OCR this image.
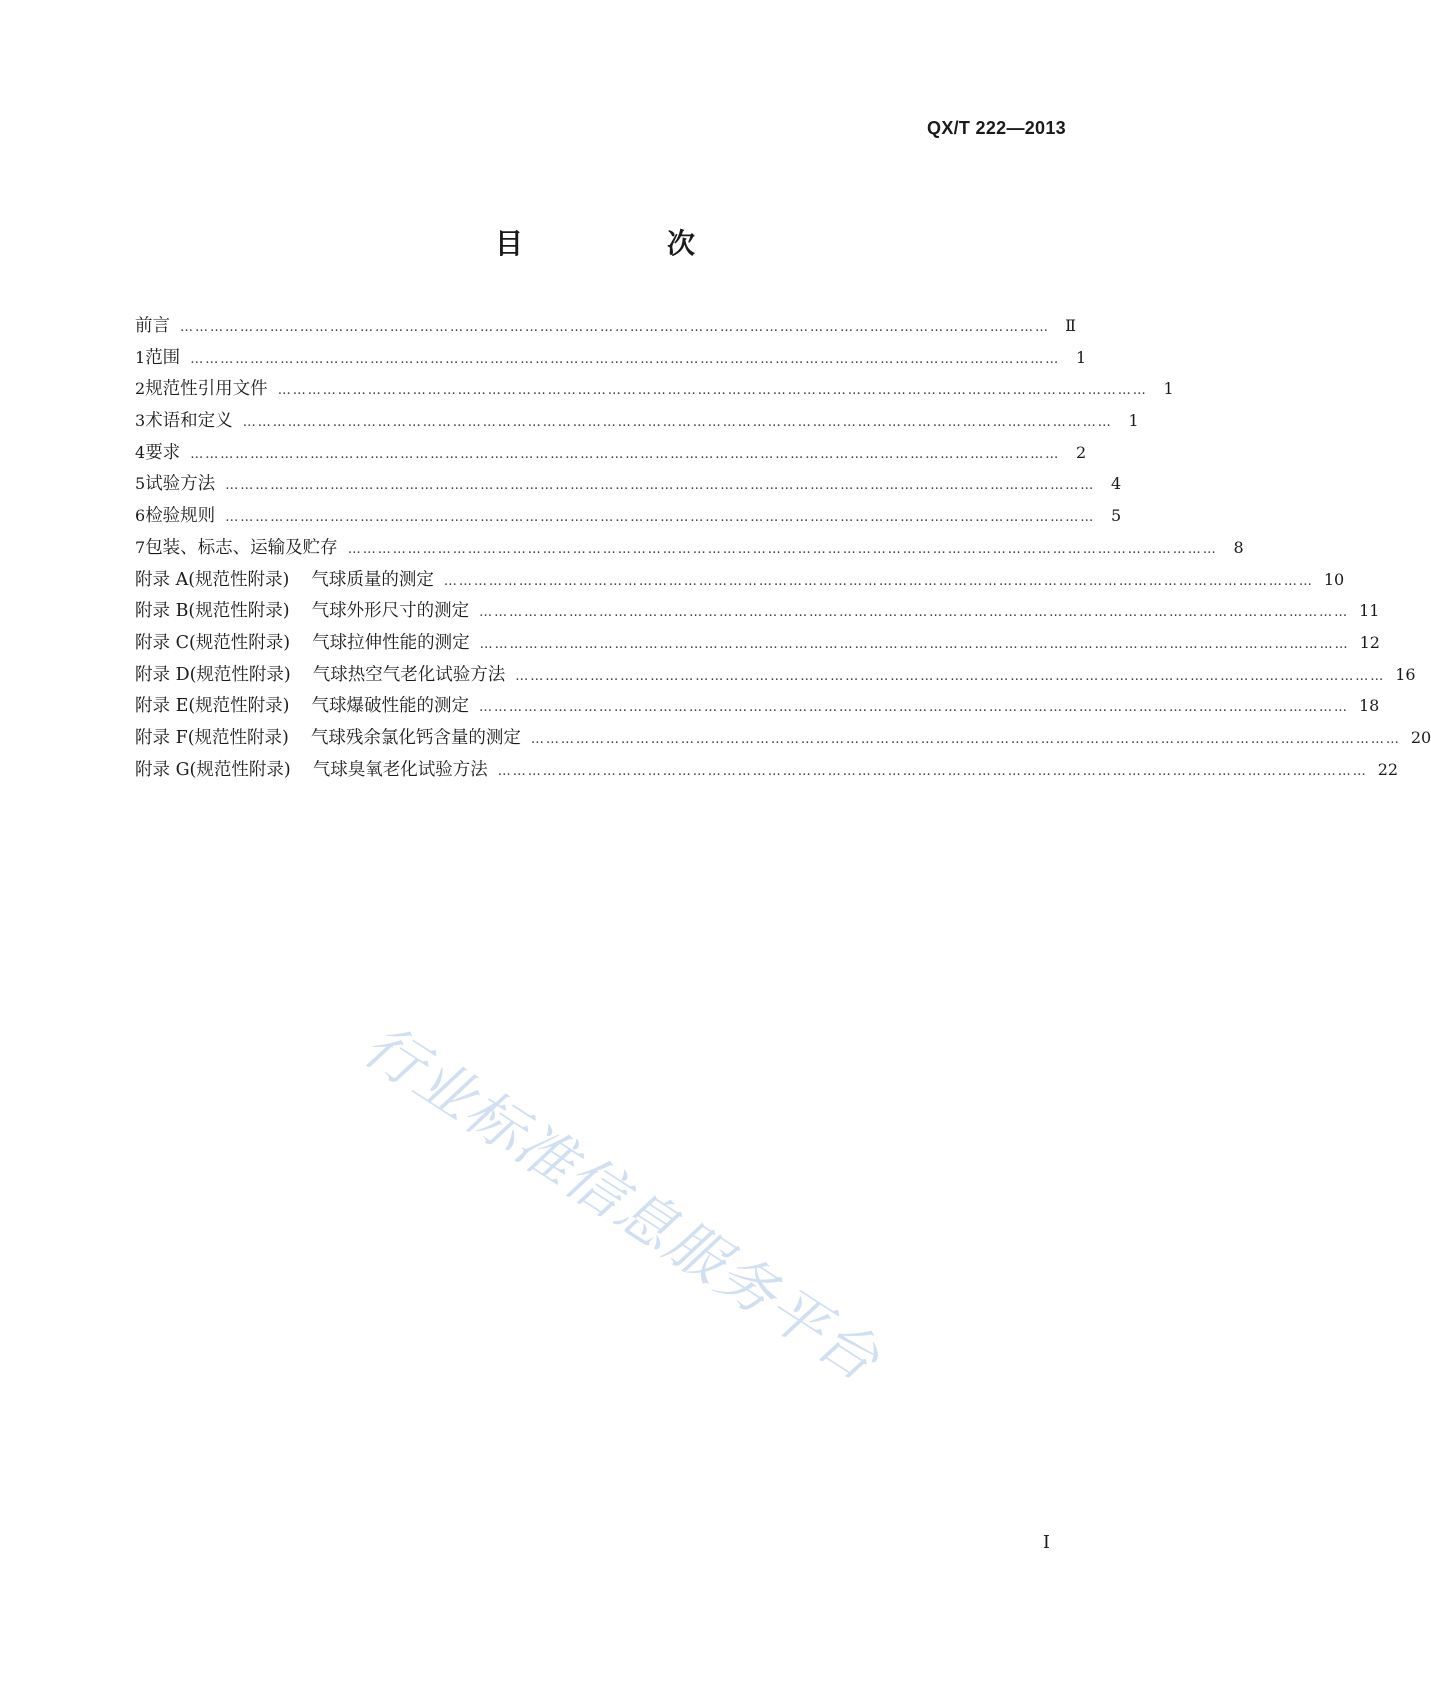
QX/T 222—2013
目　次
前言 ………………………………………………………………………………………………………………………………………………………… Ⅱ
1 范围 ………………………………………………………………………………………………………………………………………………………… 1
2 规范性引用文件 ………………………………………………………………………………………………………………………………………………………… 1
3 术语和定义 ………………………………………………………………………………………………………………………………………………………… 1
4 要求 ………………………………………………………………………………………………………………………………………………………… 2
5 试验方法 ………………………………………………………………………………………………………………………………………………………… 4
6 检验规则 ………………………………………………………………………………………………………………………………………………………… 5
7 包装、标志、运输及贮存 ………………………………………………………………………………………………………………………………………………………… 8
附录 A(规范性附录) 气球质量的测定 ………………………………………………………………………………………………………………………………………………………… 10
附录 B(规范性附录) 气球外形尺寸的测定 ………………………………………………………………………………………………………………………………………………………… 11
附录 C(规范性附录) 气球拉伸性能的测定 ………………………………………………………………………………………………………………………………………………………… 12
附录 D(规范性附录) 气球热空气老化试验方法 ………………………………………………………………………………………………………………………………………………………… 16
附录 E(规范性附录) 气球爆破性能的测定 ………………………………………………………………………………………………………………………………………………………… 18
附录 F(规范性附录) 气球残余氯化钙含量的测定 ………………………………………………………………………………………………………………………………………………………… 20
附录 G(规范性附录) 气球臭氧老化试验方法 ………………………………………………………………………………………………………………………………………………………… 22
行业标准信息服务平台
Ⅰ
